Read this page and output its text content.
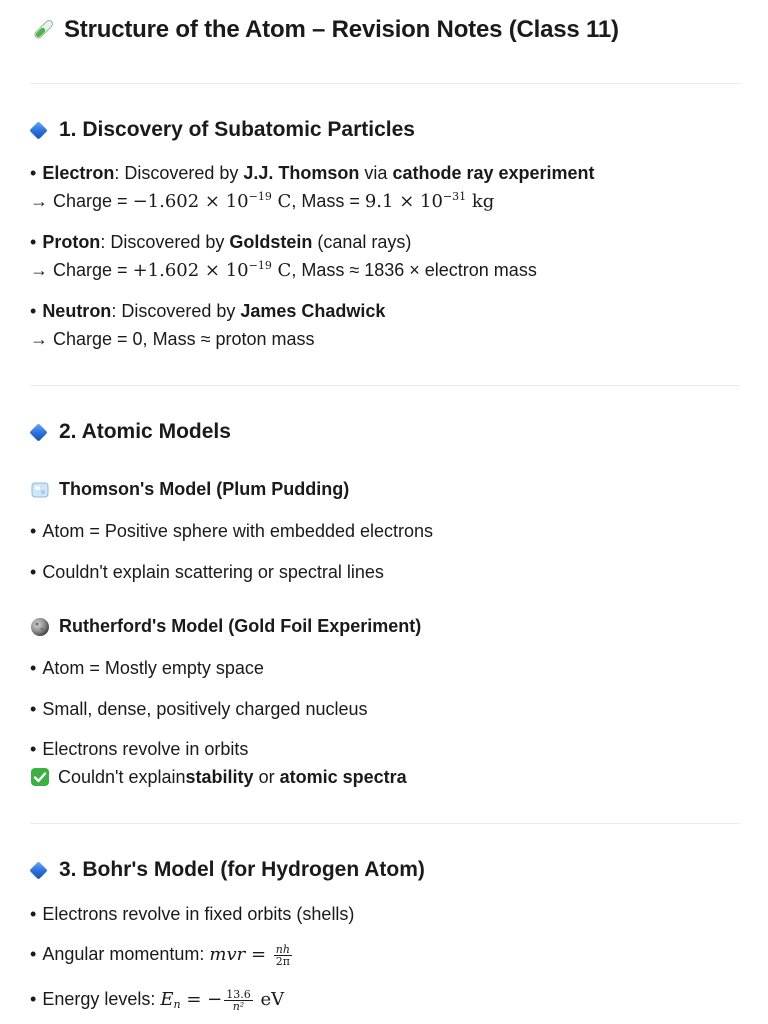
Structure of the Atom – Revision Notes (Class 11)
1. Discovery of Subatomic Particles
• Electron: Discovered by J.J. Thomson via cathode ray experiment
→ Charge = $-1.602 \times 10^{-19}$ C, Mass = $9.1 \times 10^{-31}$ kg
• Proton: Discovered by Goldstein (canal rays)
→ Charge = $+1.602 \times 10^{-19}$ C, Mass ≈ 1836 × electron mass
• Neutron: Discovered by James Chadwick
→ Charge = 0, Mass ≈ proton mass
2. Atomic Models
Thomson's Model (Plum Pudding)
• Atom = Positive sphere with embedded electrons
• Couldn't explain scattering or spectral lines
Rutherford's Model (Gold Foil Experiment)
• Atom = Mostly empty space
• Small, dense, positively charged nucleus
• Electrons revolve in orbits
Couldn't explain stability or atomic spectra
3. Bohr's Model (for Hydrogen Atom)
• Electrons revolve in fixed orbits (shells)
• Angular momentum: mvr = $\frac{nh}{2\pi}$
• Energy levels: $E_n$ = − $\frac{13.6}{\text{n²}}$ eV
